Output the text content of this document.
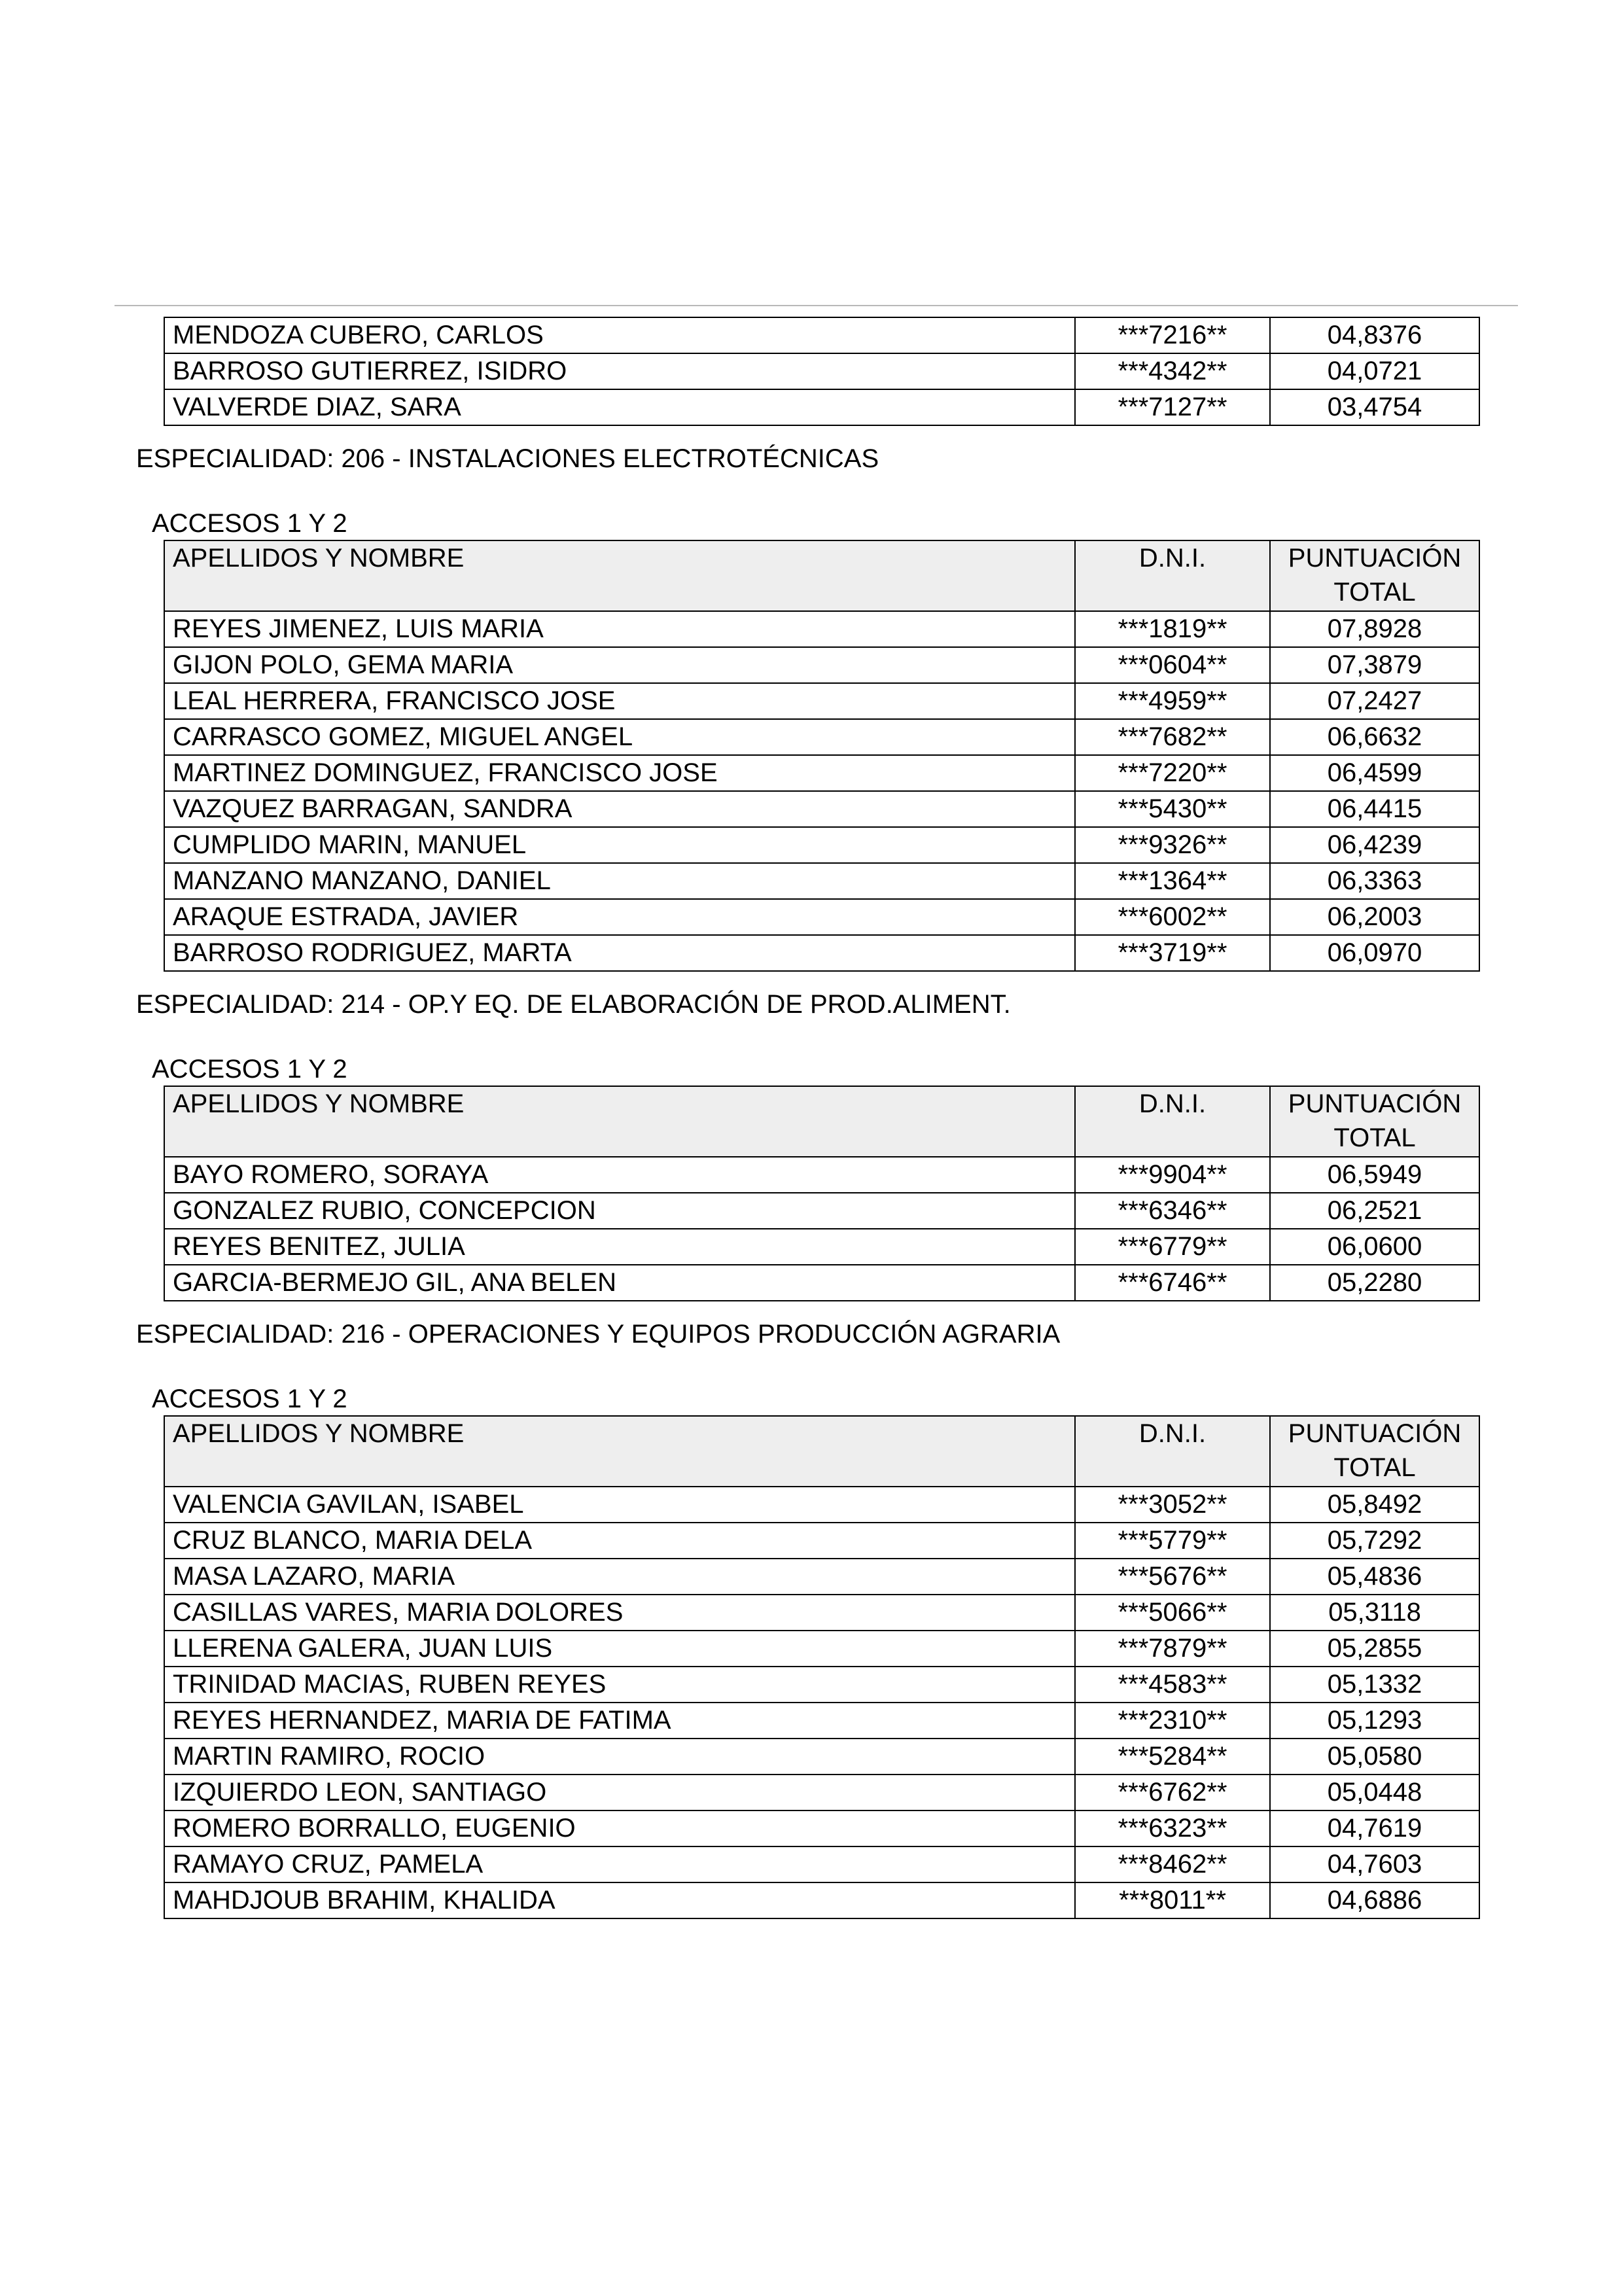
MENDOZA CUBERO, CARLOS	***7216**	04,8376
BARROSO GUTIERREZ, ISIDRO	***4342**	04,0721
VALVERDE DIAZ, SARA	***7127**	03,4754
ESPECIALIDAD: 206 - INSTALACIONES ELECTROTÉCNICAS
ACCESOS 1 Y 2
APELLIDOS Y NOMBRE	D.N.I.	PUNTUACIÓN TOTAL
REYES JIMENEZ, LUIS MARIA	***1819**	07,8928
GIJON POLO, GEMA MARIA	***0604**	07,3879
LEAL HERRERA, FRANCISCO JOSE	***4959**	07,2427
CARRASCO GOMEZ, MIGUEL ANGEL	***7682**	06,6632
MARTINEZ DOMINGUEZ, FRANCISCO JOSE	***7220**	06,4599
VAZQUEZ BARRAGAN, SANDRA	***5430**	06,4415
CUMPLIDO MARIN, MANUEL	***9326**	06,4239
MANZANO MANZANO, DANIEL	***1364**	06,3363
ARAQUE ESTRADA, JAVIER	***6002**	06,2003
BARROSO RODRIGUEZ, MARTA	***3719**	06,0970
ESPECIALIDAD: 214 - OP.Y EQ. DE ELABORACIÓN DE PROD.ALIMENT.
ACCESOS 1 Y 2
APELLIDOS Y NOMBRE	D.N.I.	PUNTUACIÓN TOTAL
BAYO ROMERO, SORAYA	***9904**	06,5949
GONZALEZ RUBIO, CONCEPCION	***6346**	06,2521
REYES BENITEZ, JULIA	***6779**	06,0600
GARCIA-BERMEJO GIL, ANA BELEN	***6746**	05,2280
ESPECIALIDAD: 216 - OPERACIONES Y EQUIPOS PRODUCCIÓN AGRARIA
ACCESOS 1 Y 2
APELLIDOS Y NOMBRE	D.N.I.	PUNTUACIÓN TOTAL
VALENCIA GAVILAN, ISABEL	***3052**	05,8492
CRUZ BLANCO, MARIA DELA	***5779**	05,7292
MASA LAZARO, MARIA	***5676**	05,4836
CASILLAS VARES, MARIA DOLORES	***5066**	05,3118
LLERENA GALERA, JUAN LUIS	***7879**	05,2855
TRINIDAD MACIAS, RUBEN REYES	***4583**	05,1332
REYES HERNANDEZ, MARIA DE FATIMA	***2310**	05,1293
MARTIN RAMIRO, ROCIO	***5284**	05,0580
IZQUIERDO LEON, SANTIAGO	***6762**	05,0448
ROMERO BORRALLO, EUGENIO	***6323**	04,7619
RAMAYO CRUZ, PAMELA	***8462**	04,7603
MAHDJOUB BRAHIM, KHALIDA	***8011**	04,6886
